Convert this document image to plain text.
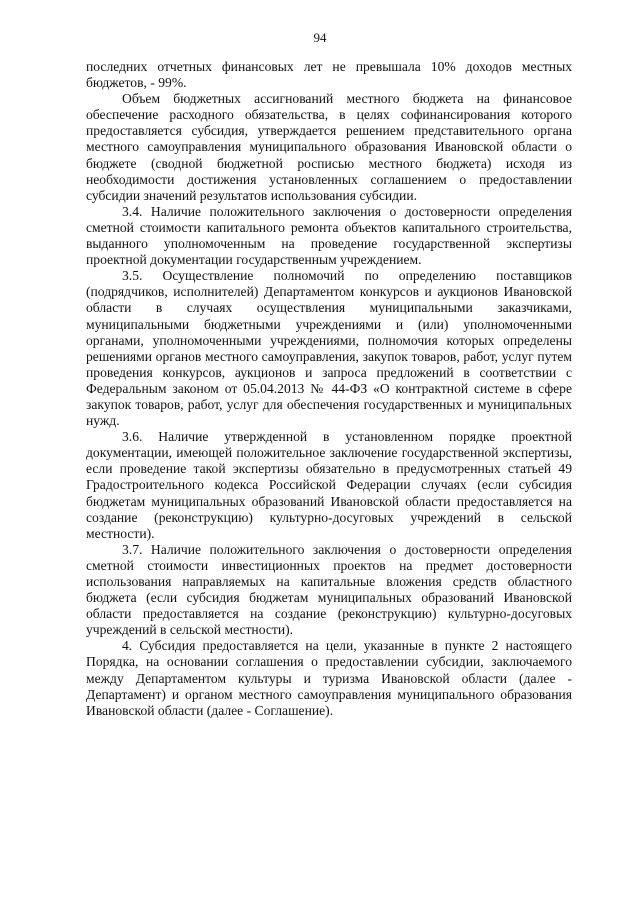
94

последних отчетных финансовых лет не превышала 10% доходов местных бюджетов, - 99%.

Объем бюджетных ассигнований местного бюджета на финансовое обеспечение расходного обязательства, в целях софинансирования которого предоставляется субсидия, утверждается решением представительного органа местного самоуправления муниципального образования Ивановской области о бюджете (сводной бюджетной росписью местного бюджета) исходя из необходимости достижения установленных соглашением о предоставлении субсидии значений результатов использования субсидии.

3.4. Наличие положительного заключения о достоверности определения сметной стоимости капитального ремонта объектов капитального строительства, выданного уполномоченным на проведение государственной экспертизы проектной документации государственным учреждением.

3.5. Осуществление полномочий по определению поставщиков (подрядчиков, исполнителей) Департаментом конкурсов и аукционов Ивановской области в случаях осуществления муниципальными заказчиками, муниципальными бюджетными учреждениями и (или) уполномоченными органами, уполномоченными учреждениями, полномочия которых определены решениями органов местного самоуправления, закупок товаров, работ, услуг путем проведения конкурсов, аукционов и запроса предложений в соответствии с Федеральным законом от 05.04.2013 № 44-ФЗ «О контрактной системе в сфере закупок товаров, работ, услуг для обеспечения государственных и муниципальных нужд.

3.6. Наличие утвержденной в установленном порядке проектной документации, имеющей положительное заключение государственной экспертизы, если проведение такой экспертизы обязательно в предусмотренных статьей 49 Градостроительного кодекса Российской Федерации случаях (если субсидия бюджетам муниципальных образований Ивановской области предоставляется на создание (реконструкцию) культурно-досуговых учреждений в сельской местности).

3.7. Наличие положительного заключения о достоверности определения сметной стоимости инвестиционных проектов на предмет достоверности использования направляемых на капитальные вложения средств областного бюджета (если субсидия бюджетам муниципальных образований Ивановской области предоставляется на создание (реконструкцию) культурно-досуговых учреждений в сельской местности).

4. Субсидия предоставляется на цели, указанные в пункте 2 настоящего Порядка, на основании соглашения о предоставлении субсидии, заключаемого между Департаментом культуры и туризма Ивановской области (далее - Департамент) и органом местного самоуправления муниципального образования Ивановской области (далее - Соглашение).
